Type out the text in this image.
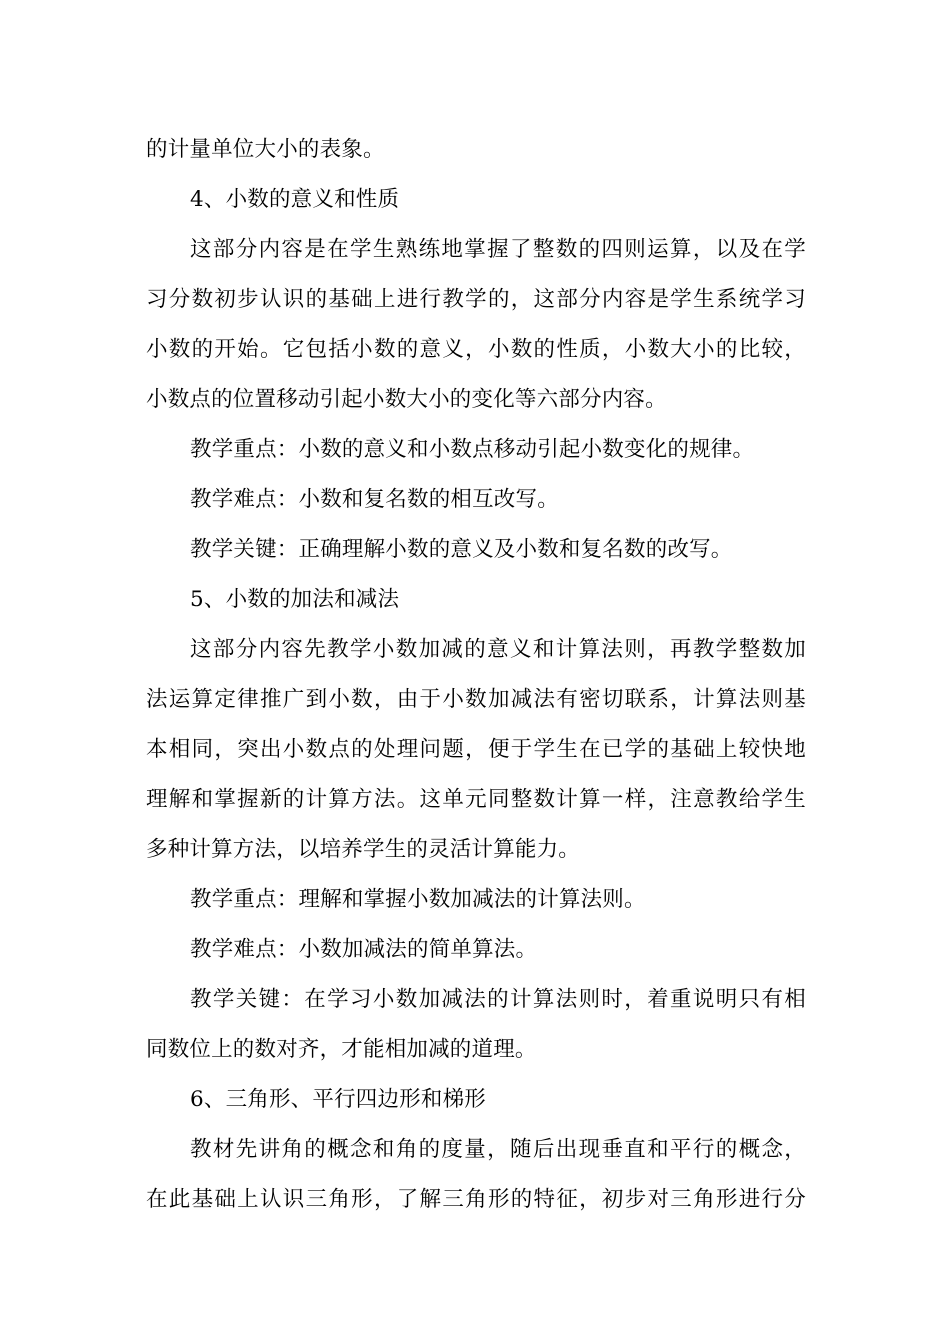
的计量单位大小的表象。
4、小数的意义和性质
这部分内容是在学生熟练地掌握了整数的四则运算，以及在学
习分数初步认识的基础上进行教学的，这部分内容是学生系统学习
小数的开始。它包括小数的意义，小数的性质，小数大小的比较，
小数点的位置移动引起小数大小的变化等六部分内容。
教学重点：小数的意义和小数点移动引起小数变化的规律。
教学难点：小数和复名数的相互改写。
教学关键：正确理解小数的意义及小数和复名数的改写。
5、小数的加法和减法
这部分内容先教学小数加减的意义和计算法则，再教学整数加
法运算定律推广到小数，由于小数加减法有密切联系，计算法则基
本相同，突出小数点的处理问题，便于学生在已学的基础上较快地
理解和掌握新的计算方法。这单元同整数计算一样，注意教给学生
多种计算方法，以培养学生的灵活计算能力。
教学重点：理解和掌握小数加减法的计算法则。
教学难点：小数加减法的简单算法。
教学关键：在学习小数加减法的计算法则时，着重说明只有相
同数位上的数对齐，才能相加减的道理。
6、三角形、平行四边形和梯形
教材先讲角的概念和角的度量，随后出现垂直和平行的概念，
在此基础上认识三角形，了解三角形的特征，初步对三角形进行分
